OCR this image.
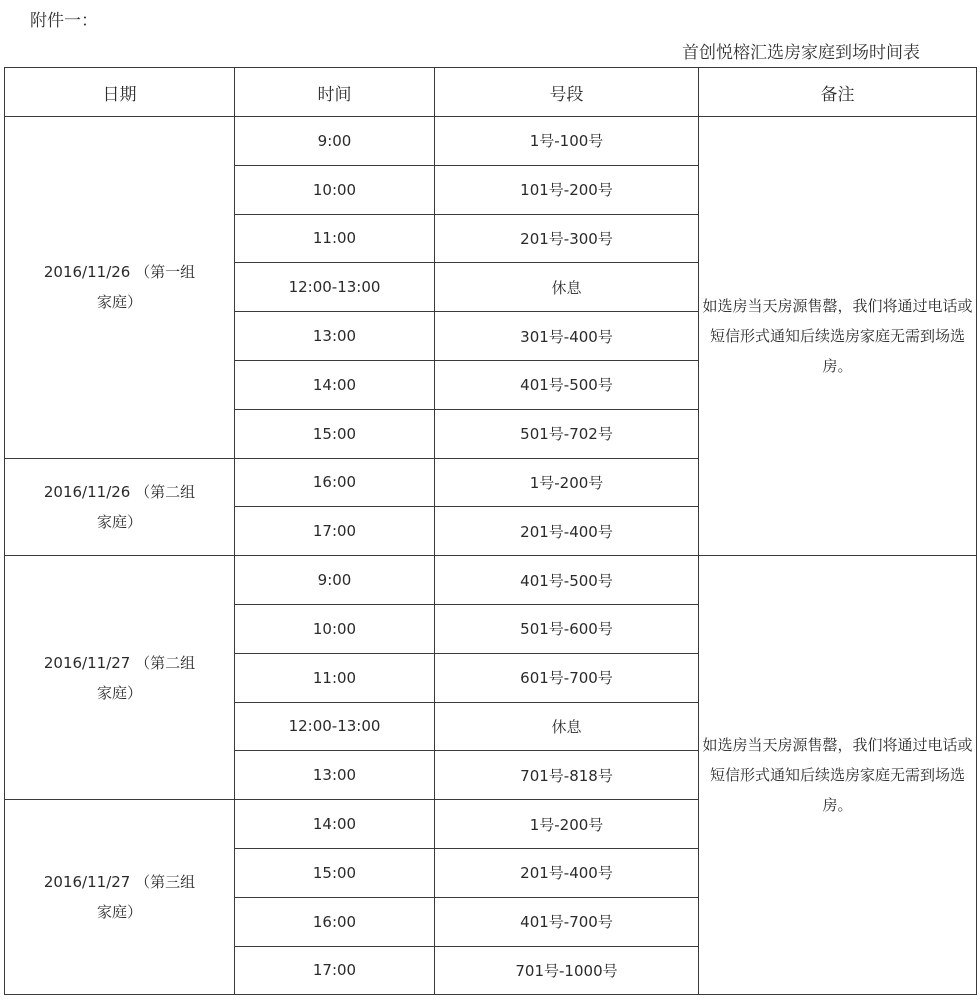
附件一：
首创悦榕汇选房家庭到场时间表
日期	时间	号段	备注

2016/11/26 （第一组
家庭）	9:00	1号-100号	如选房当天房源售罄，我们将通过电话或短信形式通知后续选房家庭无需到场选房。
	10:00	101号-200号	
	11:00	201号-300号	
	12:00-13:00	休息	
	13:00	301号-400号	
	14:00	401号-500号	
	15:00	501号-702号	

2016/11/26 （第二组
家庭）	16:00	1号-200号	
	17:00	201号-400号	

2016/11/27 （第二组
家庭）	9:00	401号-500号	如选房当天房源售罄，我们将通过电话或短信形式通知后续选房家庭无需到场选房。
	10:00	501号-600号	
	11:00	601号-700号	
	12:00-13:00	休息	
	13:00	701号-818号	

2016/11/27 （第三组
家庭）	14:00	1号-200号	
	15:00	201号-400号	
	16:00	401号-700号	
	17:00	701号-1000号	
